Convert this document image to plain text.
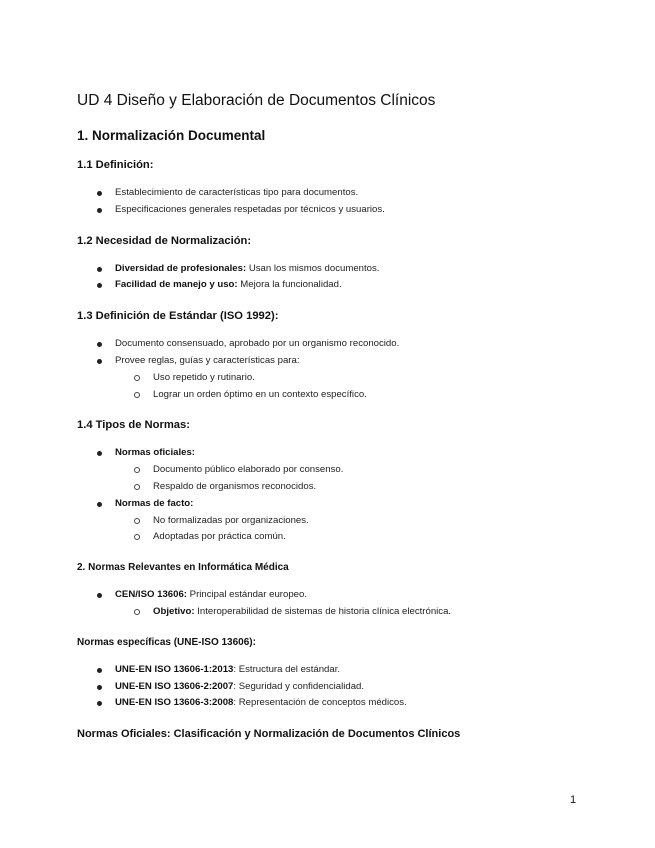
UD 4 Diseño y Elaboración de Documentos Clínicos
1. Normalización Documental
1.1 Definición:
Establecimiento de características tipo para documentos.
Especificaciones generales respetadas por técnicos y usuarios.
1.2 Necesidad de Normalización:
Diversidad de profesionales: Usan los mismos documentos.
Facilidad de manejo y uso: Mejora la funcionalidad.
1.3 Definición de Estándar (ISO 1992):
Documento consensuado, aprobado por un organismo reconocido.
Provee reglas, guías y características para:
Uso repetido y rutinario.
Lograr un orden óptimo en un contexto específico.
1.4 Tipos de Normas:
Normas oficiales:
Documento público elaborado por consenso.
Respaldo de organismos reconocidos.
Normas de facto:
No formalizadas por organizaciones.
Adoptadas por práctica común.
2. Normas Relevantes en Informática Médica
CEN/ISO 13606: Principal estándar europeo.
Objetivo: Interoperabilidad de sistemas de historia clínica electrónica.
Normas específicas (UNE-ISO 13606):
UNE-EN ISO 13606-1:2013: Estructura del estándar.
UNE-EN ISO 13606-2:2007: Seguridad y confidencialidad.
UNE-EN ISO 13606-3:2008: Representación de conceptos médicos.
Normas Oficiales: Clasificación y Normalización de Documentos Clínicos
1
